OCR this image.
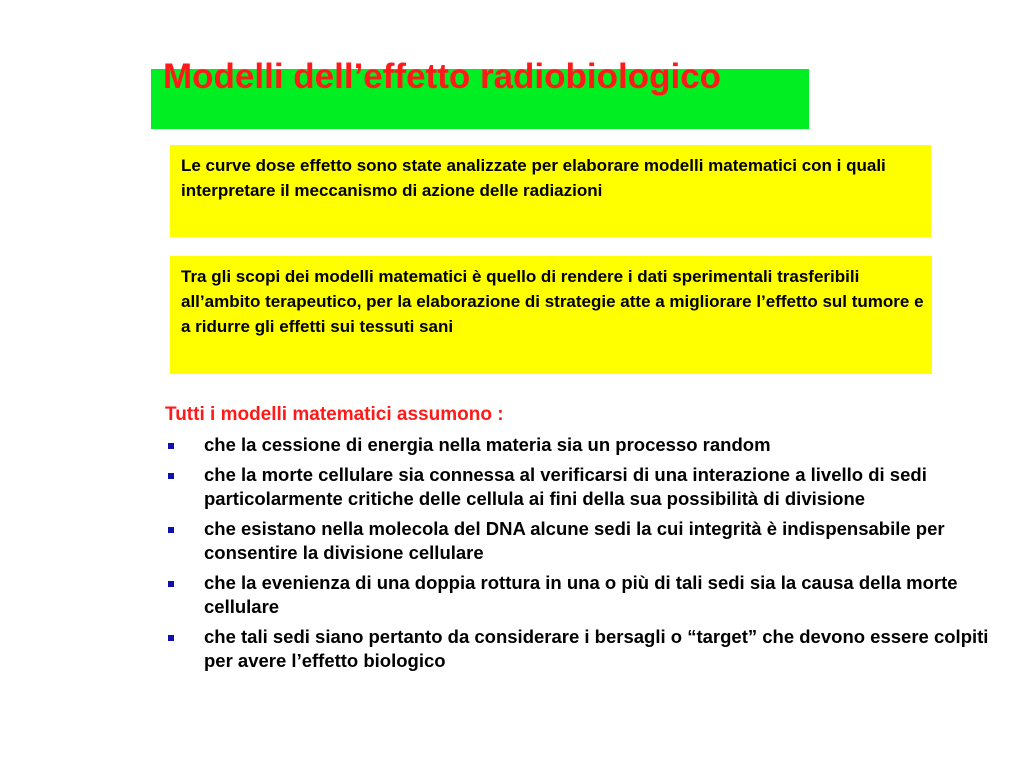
Modelli dell’effetto radiobiologico
Le curve dose effetto sono state analizzate per elaborare modelli matematici con i quali interpretare il meccanismo di azione delle radiazioni
Tra gli scopi dei modelli matematici è quello di rendere i dati sperimentali trasferibili all’ambito terapeutico, per la elaborazione di strategie atte a migliorare l’effetto sul tumore e a ridurre gli effetti sui tessuti sani

Tutti i modelli matematici assumono :

che la cessione di energia nella materia sia un processo random
che la morte cellulare sia connessa al verificarsi di una interazione a livello di sedi particolarmente critiche delle cellula ai fini della sua possibilità di divisione
che esistano nella molecola del DNA alcune sedi la cui integrità è indispensabile per consentire la divisione cellulare
che la evenienza di una doppia rottura in una o più di tali sedi sia la causa della morte cellulare
che tali sedi siano pertanto da considerare i bersagli o “target” che devono essere colpiti per avere l’effetto biologico
